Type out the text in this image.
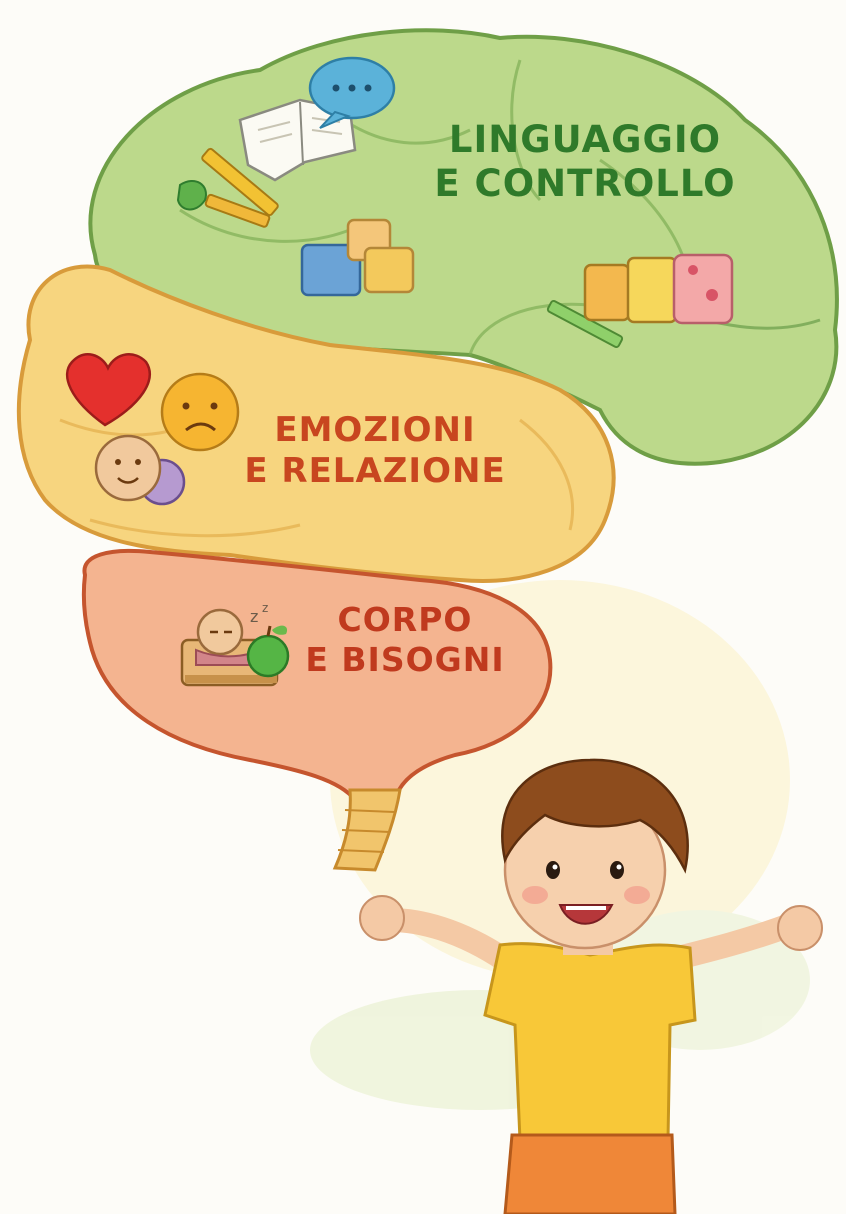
z z

LINGUAGGIO
E CONTROLLO

EMOZIONI
E RELAZIONE

CORPO
E BISOGNI
